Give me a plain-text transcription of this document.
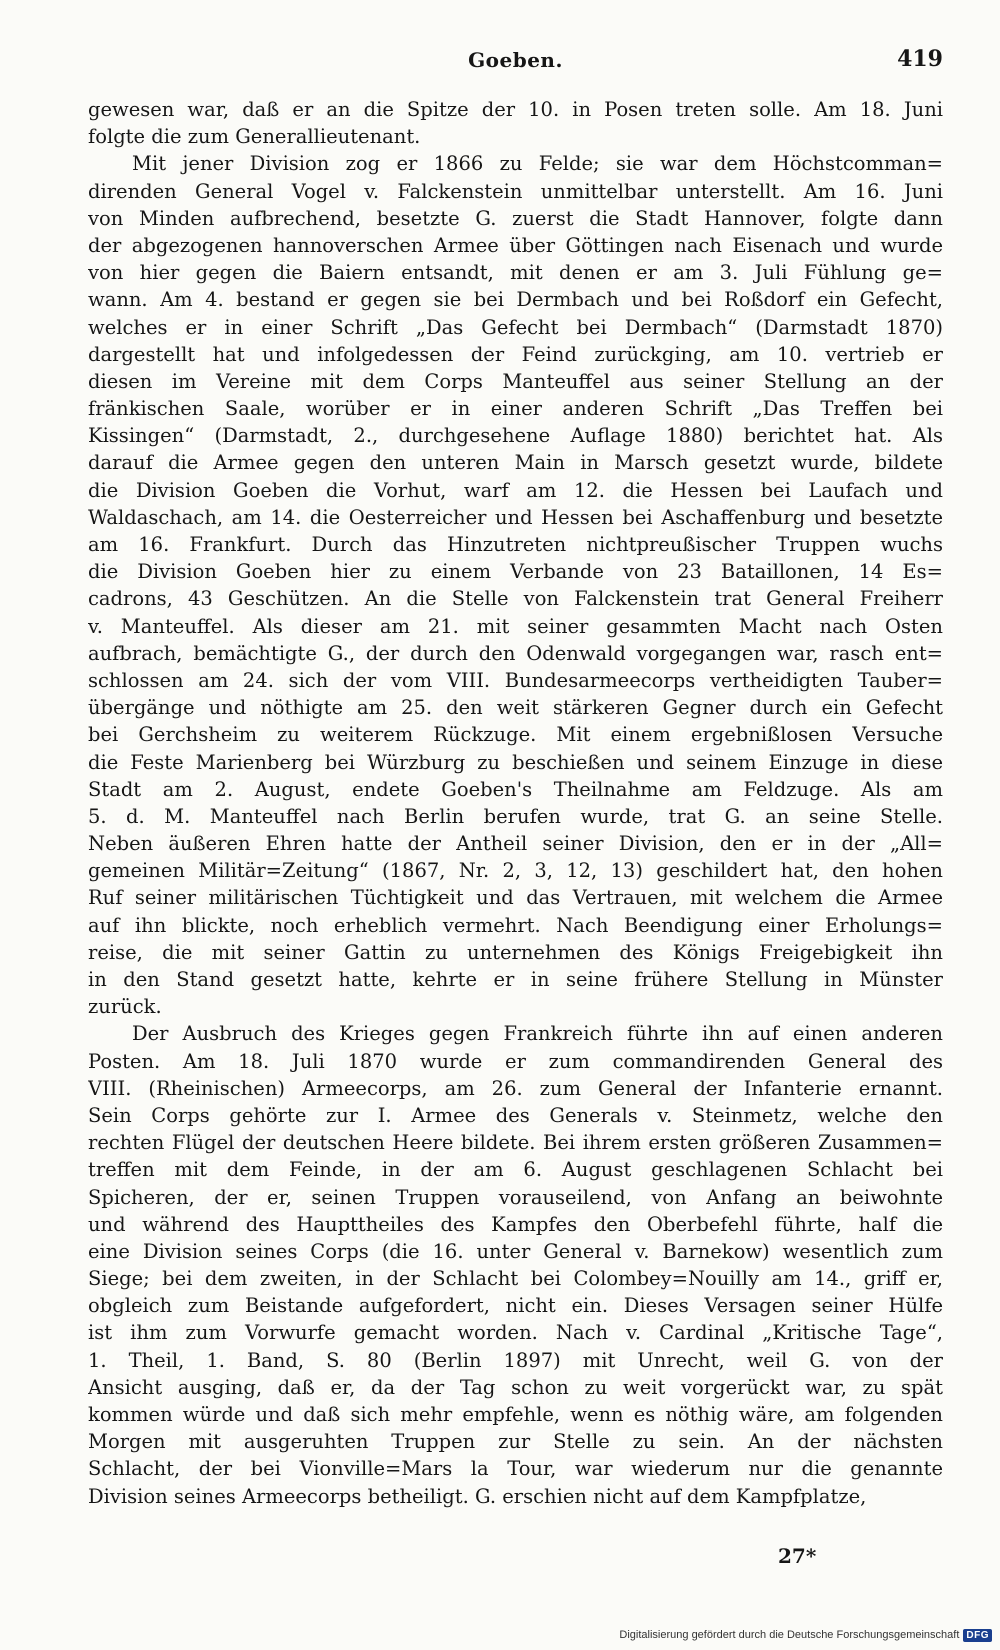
Goeben.	419
gewesen war, daß er an die Spitze der 10. in Posen treten solle. Am 18. Juni
folgte die zum Generallieutenant.
Mit jener Division zog er 1866 zu Felde; sie war dem Höchstcomman=
direnden General Vogel v. Falckenstein unmittelbar unterstellt. Am 16. Juni
von Minden aufbrechend, besetzte G. zuerst die Stadt Hannover, folgte dann
der abgezogenen hannoverschen Armee über Göttingen nach Eisenach und wurde
von hier gegen die Baiern entsandt, mit denen er am 3. Juli Fühlung ge=
wann. Am 4. bestand er gegen sie bei Dermbach und bei Roßdorf ein Gefecht,
welches er in einer Schrift „Das Gefecht bei Dermbach“ (Darmstadt 1870)
dargestellt hat und infolgedessen der Feind zurückging, am 10. vertrieb er
diesen im Vereine mit dem Corps Manteuffel aus seiner Stellung an der
fränkischen Saale, worüber er in einer anderen Schrift „Das Treffen bei
Kissingen“ (Darmstadt, 2., durchgesehene Auflage 1880) berichtet hat. Als
darauf die Armee gegen den unteren Main in Marsch gesetzt wurde, bildete
die Division Goeben die Vorhut, warf am 12. die Hessen bei Laufach und
Waldaschach, am 14. die Oesterreicher und Hessen bei Aschaffenburg und besetzte
am 16. Frankfurt. Durch das Hinzutreten nichtpreußischer Truppen wuchs
die Division Goeben hier zu einem Verbande von 23 Bataillonen, 14 Es=
cadrons, 43 Geschützen. An die Stelle von Falckenstein trat General Freiherr
v. Manteuffel. Als dieser am 21. mit seiner gesammten Macht nach Osten
aufbrach, bemächtigte G., der durch den Odenwald vorgegangen war, rasch ent=
schlossen am 24. sich der vom VIII. Bundesarmeecorps vertheidigten Tauber=
übergänge und nöthigte am 25. den weit stärkeren Gegner durch ein Gefecht
bei Gerchsheim zu weiterem Rückzuge. Mit einem ergebnißlosen Versuche
die Feste Marienberg bei Würzburg zu beschießen und seinem Einzuge in diese
Stadt am 2. August, endete Goeben's Theilnahme am Feldzuge. Als am
5. d. M. Manteuffel nach Berlin berufen wurde, trat G. an seine Stelle.
Neben äußeren Ehren hatte der Antheil seiner Division, den er in der „All=
gemeinen Militär=Zeitung“ (1867, Nr. 2, 3, 12, 13) geschildert hat, den hohen
Ruf seiner militärischen Tüchtigkeit und das Vertrauen, mit welchem die Armee
auf ihn blickte, noch erheblich vermehrt. Nach Beendigung einer Erholungs=
reise, die mit seiner Gattin zu unternehmen des Königs Freigebigkeit ihn
in den Stand gesetzt hatte, kehrte er in seine frühere Stellung in Münster
zurück.
Der Ausbruch des Krieges gegen Frankreich führte ihn auf einen anderen
Posten. Am 18. Juli 1870 wurde er zum commandirenden General des
VIII. (Rheinischen) Armeecorps, am 26. zum General der Infanterie ernannt.
Sein Corps gehörte zur I. Armee des Generals v. Steinmetz, welche den
rechten Flügel der deutschen Heere bildete. Bei ihrem ersten größeren Zusammen=
treffen mit dem Feinde, in der am 6. August geschlagenen Schlacht bei
Spicheren, der er, seinen Truppen vorauseilend, von Anfang an beiwohnte
und während des Haupttheiles des Kampfes den Oberbefehl führte, half die
eine Division seines Corps (die 16. unter General v. Barnekow) wesentlich zum
Siege; bei dem zweiten, in der Schlacht bei Colombey=Nouilly am 14., griff er,
obgleich zum Beistande aufgefordert, nicht ein. Dieses Versagen seiner Hülfe
ist ihm zum Vorwurfe gemacht worden. Nach v. Cardinal „Kritische Tage“,
1. Theil, 1. Band, S. 80 (Berlin 1897) mit Unrecht, weil G. von der
Ansicht ausging, daß er, da der Tag schon zu weit vorgerückt war, zu spät
kommen würde und daß sich mehr empfehle, wenn es nöthig wäre, am folgenden
Morgen mit ausgeruhten Truppen zur Stelle zu sein. An der nächsten
Schlacht, der bei Vionville=Mars la Tour, war wiederum nur die genannte
Division seines Armeecorps betheiligt. G. erschien nicht auf dem Kampfplatze,
27*
Digitalisierung gefördert durch die Deutsche Forschungsgemeinschaft DFG
